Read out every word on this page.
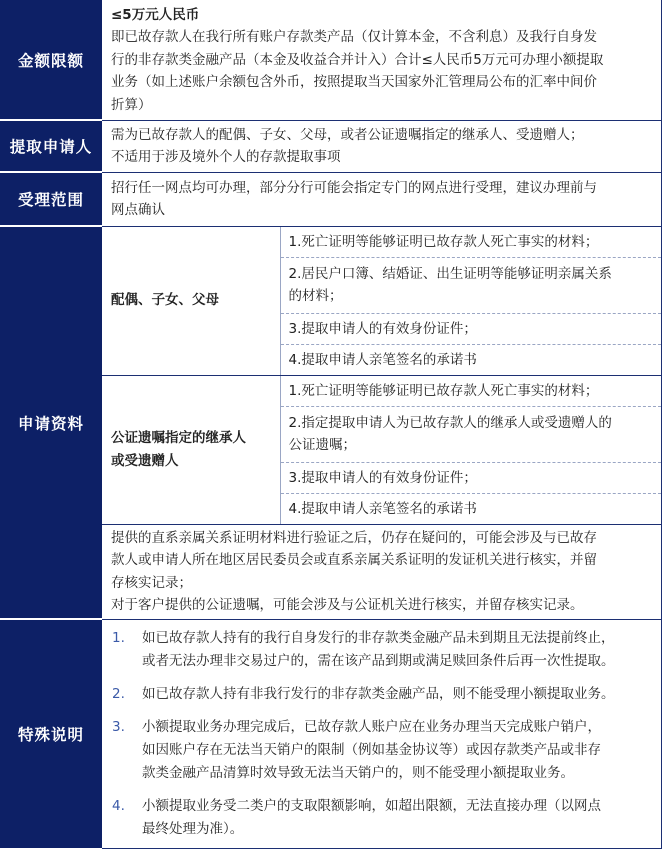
金额限额	
≤5万元人民币
即已故存款人在我行所有账户存款类产品（仅计算本金，不含利息）及我行自身发
行的非存款类金融产品（本金及收益合并计入）合计≤人民币5万元可办理小额提取
业务（如上述账户余额包含外币，按照提取当天国家外汇管理局公布的汇率中间价
折算）

提取申请人	
需为已故存款人的配偶、子女、父母，或者公证遗嘱指定的继承人、受遗赠人；
不适用于涉及境外个人的存款提取事项

受理范围	
招行任一网点均可办理，部分分行可能会指定专门的网点进行受理，建议办理前与
网点确认

申请资料	
配偶、子女、父母

1.死亡证明等能够证明已故存款人死亡事实的材料；

2.居民户口簿、结婚证、出生证明等能够证明亲属关系
的材料；

3.提取申请人的有效身份证件；

4.提取申请人亲笔签名的承诺书

公证遗嘱指定的继承人
或受遗赠人

1.死亡证明等能够证明已故存款人死亡事实的材料；

2.指定提取申请人为已故存款人的继承人或受遗赠人的
公证遗嘱；

3.提取申请人的有效身份证件；

4.提取申请人亲笔签名的承诺书

提供的直系亲属关系证明材料进行验证之后，仍存在疑问的，可能会涉及与已故存
款人或申请人所在地区居民委员会或直系亲属关系证明的发证机关进行核实，并留
存核实记录；
对于客户提供的公证遗嘱，可能会涉及与公证机关进行核实，并留存核实记录。

特殊说明	
1.	如已故存款人持有的我行自身发行的非存款类金融产品未到期且无法提前终止，
或者无法办理非交易过户的，需在该产品到期或满足赎回条件后再一次性提取。
2.	如已故存款人持有非我行发行的非存款类金融产品，则不能受理小额提取业务。
3.	小额提取业务办理完成后，已故存款人账户应在业务办理当天完成账户销户，
如因账户存在无法当天销户的限制（例如基金协议等）或因存款类产品或非存
款类金融产品清算时效导致无法当天销户的，则不能受理小额提取业务。
4.	小额提取业务受二类户的支取限额影响，如超出限额，无法直接办理（以网点
最终处理为准）。
